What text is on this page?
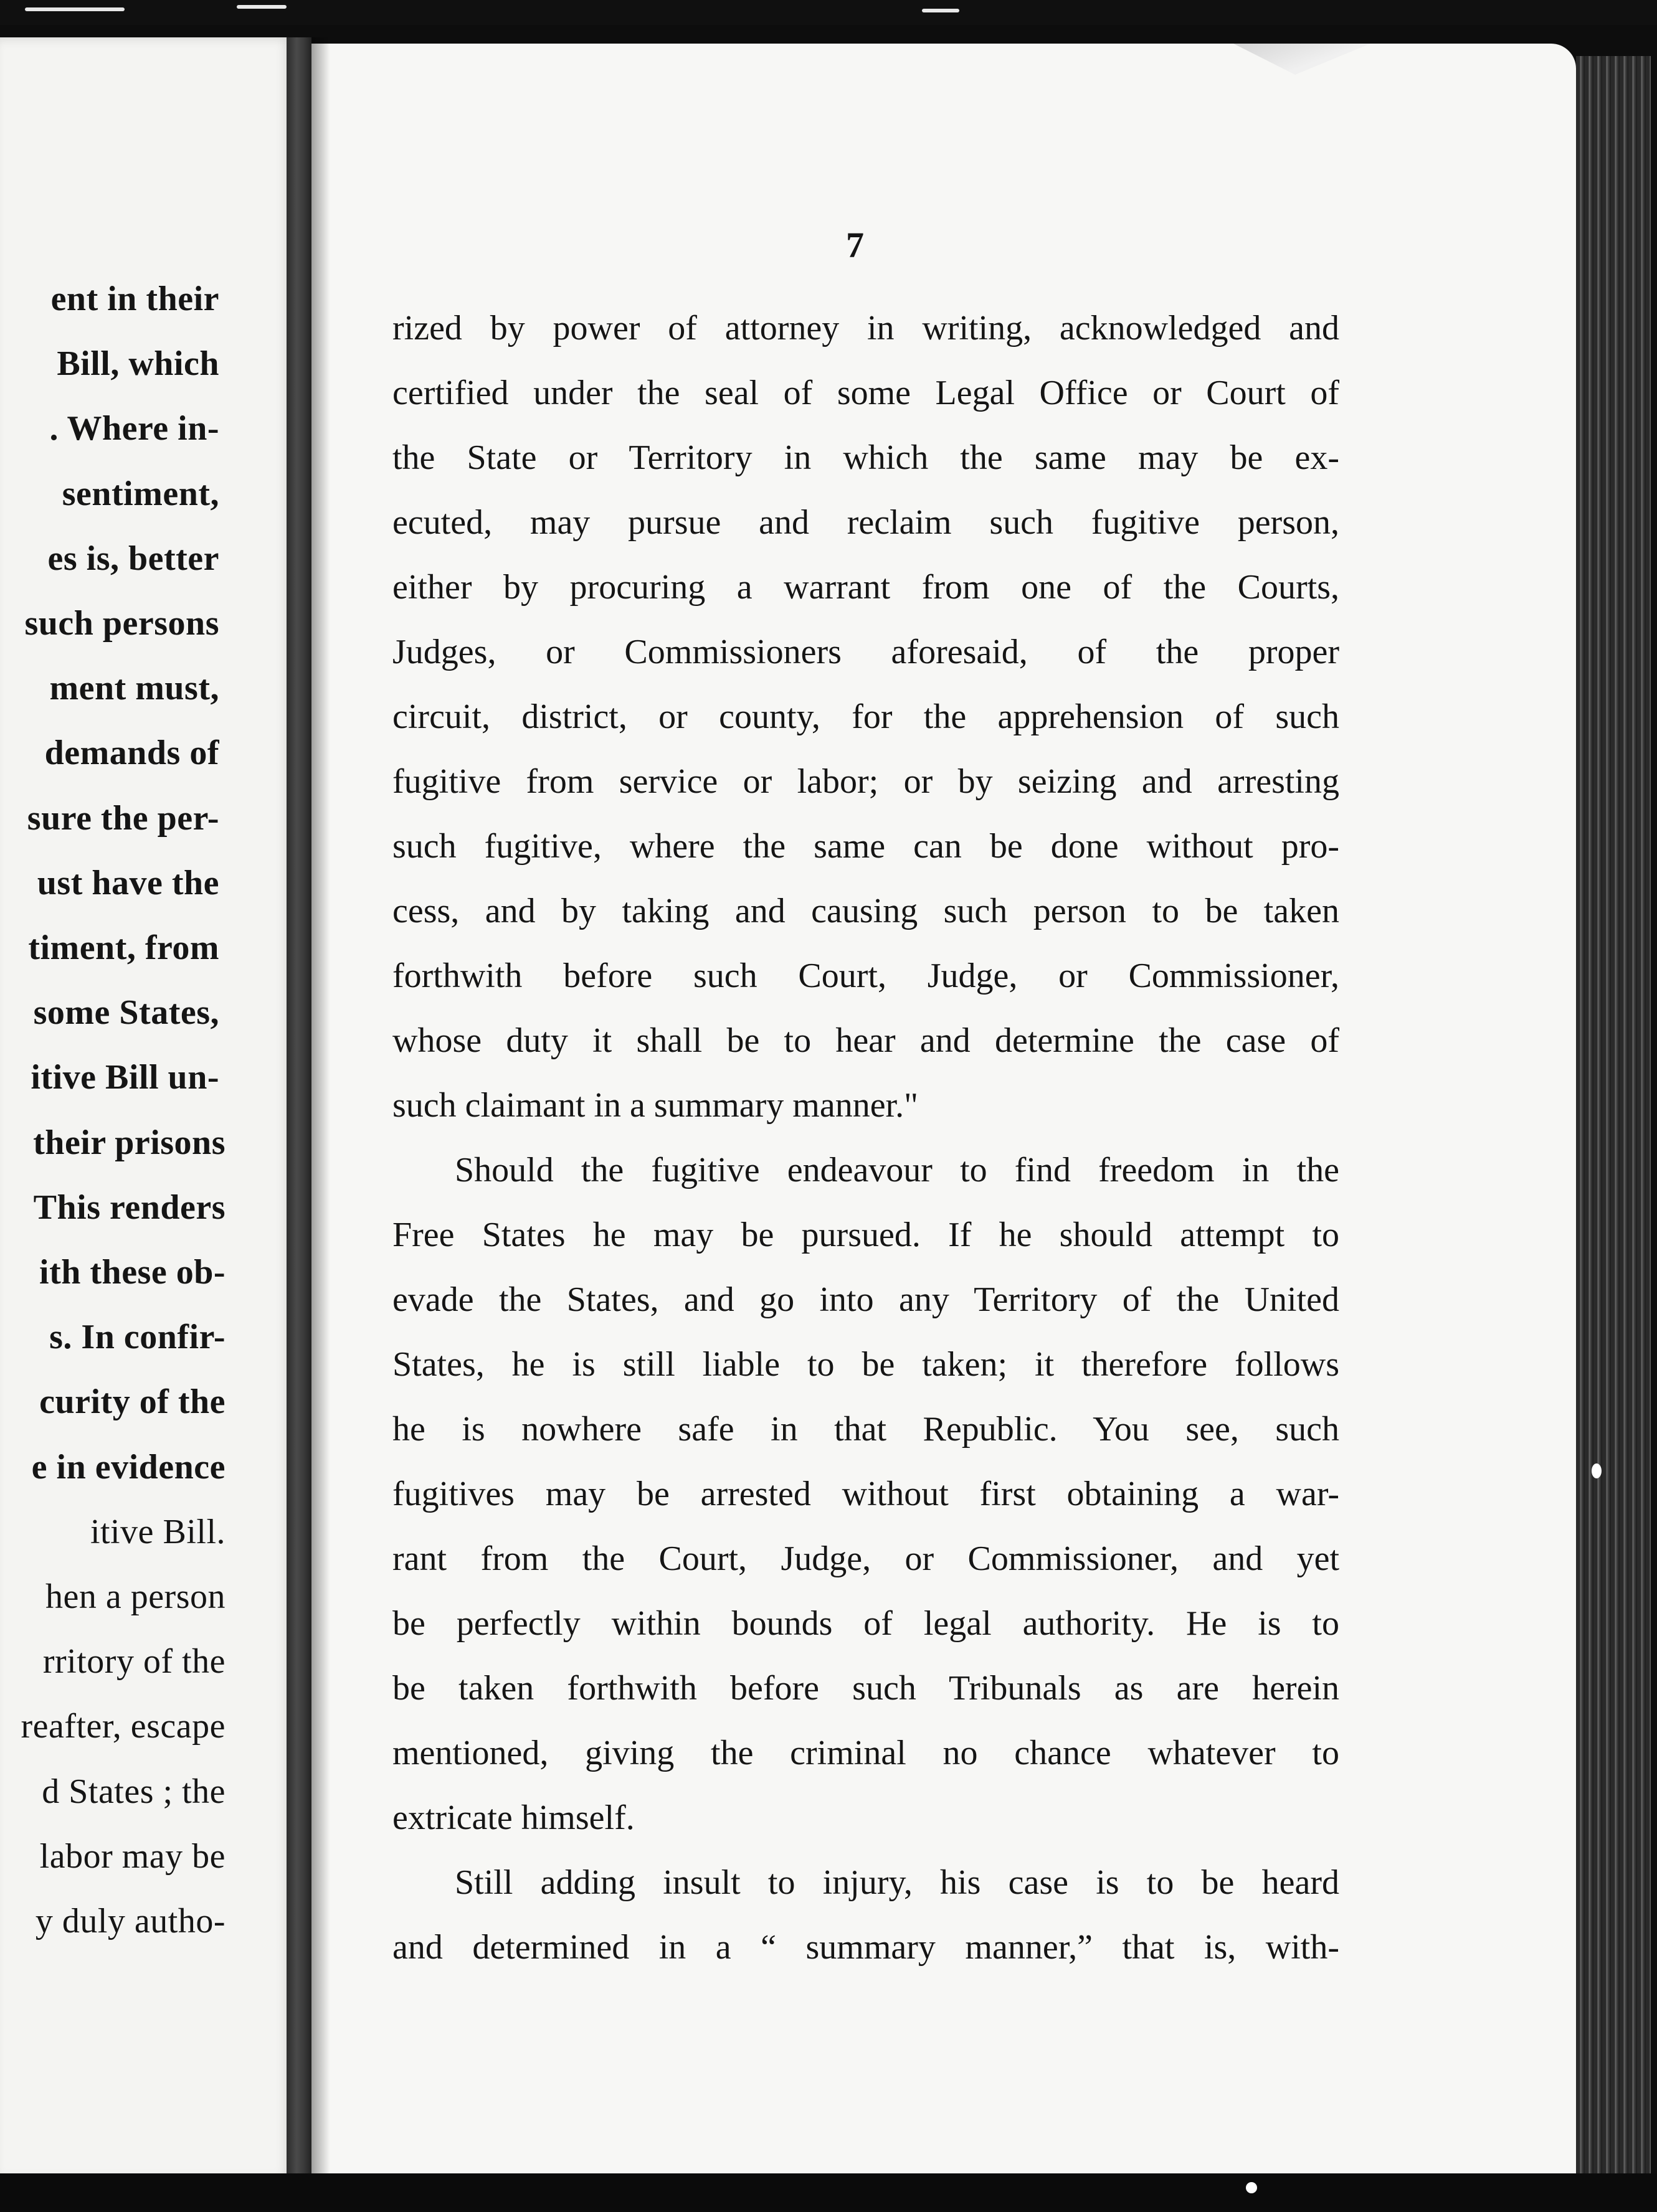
ent in their
Bill, which
. Where in-
sentiment,
es is, better
such persons
ment must,
demands of
sure the per-
ust have the
timent, from
some States,
itive Bill un-
their prisons
This renders
ith these ob-
s. In confir-
curity of the
e in evidence
itive Bill.
hen a person
rritory of the
reafter, escape
d States ; the
labor may be
y duly autho-
7
rized by power of attorney in writing, acknowledged and
certified under the seal of some Legal Office or Court of
the State or Territory in which the same may be ex-
ecuted, may pursue and reclaim such fugitive person,
either by procuring a warrant from one of the Courts,
Judges, or Commissioners aforesaid, of the proper
circuit, district, or county, for the apprehension of such
fugitive from service or labor; or by seizing and arresting
such fugitive, where the same can be done without pro-
cess, and by taking and causing such person to be taken
forthwith before such Court, Judge, or Commissioner,
whose duty it shall be to hear and determine the case of
such claimant in a summary manner."
Should the fugitive endeavour to find freedom in the
Free States he may be pursued. If he should attempt to
evade the States, and go into any Territory of the United
States, he is still liable to be taken; it therefore follows
he is nowhere safe in that Republic. You see, such
fugitives may be arrested without first obtaining a war-
rant from the Court, Judge, or Commissioner, and yet
be perfectly within bounds of legal authority. He is to
be taken forthwith before such Tribunals as are herein
mentioned, giving the criminal no chance whatever to
extricate himself.
Still adding insult to injury, his case is to be heard
and determined in a “ summary manner,” that is, with-
